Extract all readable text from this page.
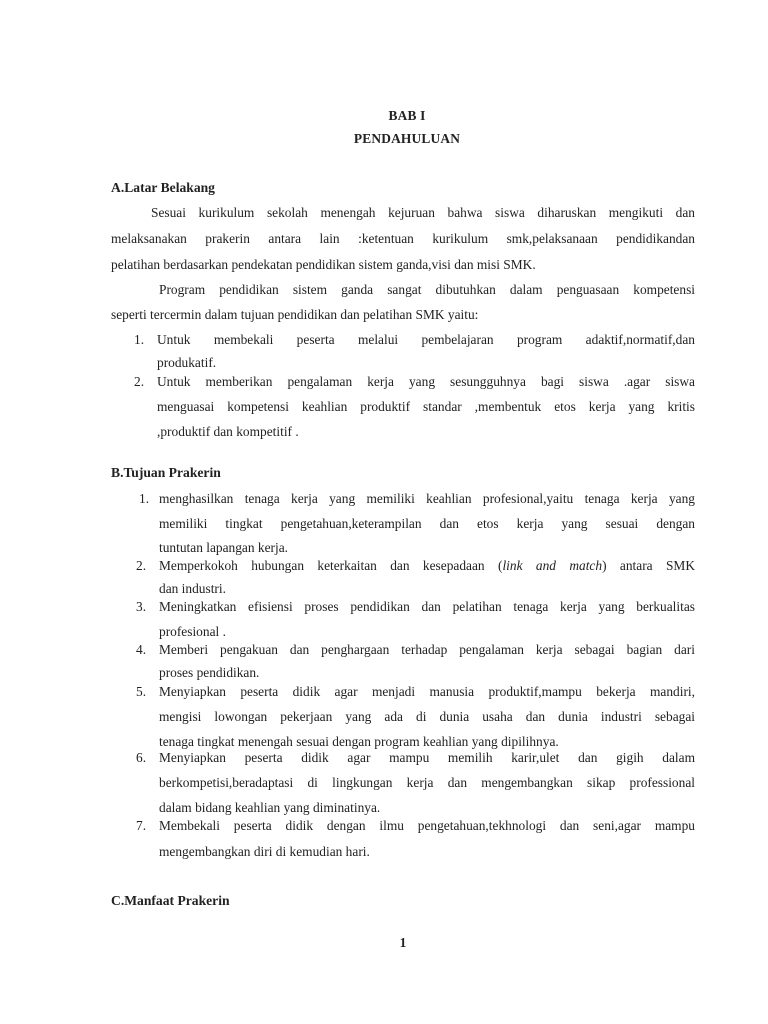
BAB I
PENDAHULUAN
A.Latar Belakang
Sesuai kurikulum sekolah menengah kejuruan bahwa siswa diharuskan mengikuti dan
melaksanakan prakerin antara lain :ketentuan kurikulum smk,pelaksanaan pendidikandan
pelatihan berdasarkan pendekatan pendidikan sistem ganda,visi dan misi SMK.
Program pendidikan sistem ganda sangat dibutuhkan dalam penguasaan kompetensi
seperti tercermin dalam tujuan pendidikan dan pelatihan SMK yaitu:
1. Untuk membekali peserta melalui pembelajaran program adaktif,normatif,dan
produkatif.
2. Untuk memberikan pengalaman kerja yang sesungguhnya bagi siswa .agar siswa
menguasai kompetensi keahlian produktif standar ,membentuk etos kerja yang kritis
,produktif dan kompetitif .
B.Tujuan Prakerin
1. menghasilkan tenaga kerja yang memiliki keahlian profesional,yaitu tenaga kerja yang
memiliki tingkat pengetahuan,keterampilan dan etos kerja yang sesuai dengan
tuntutan lapangan kerja.
2. Memperkokoh hubungan keterkaitan dan kesepadaan (link and match) antara SMK
dan industri.
3. Meningkatkan efisiensi proses pendidikan dan pelatihan tenaga kerja yang berkualitas
profesional .
4. Memberi pengakuan dan penghargaan terhadap pengalaman kerja sebagai bagian dari
proses pendidikan.
5. Menyiapkan peserta didik agar menjadi manusia produktif,mampu bekerja mandiri,
mengisi lowongan pekerjaan yang ada di dunia usaha dan dunia industri sebagai
tenaga tingkat menengah sesuai dengan program keahlian yang dipilihnya.
6. Menyiapkan peserta didik agar mampu memilih karir,ulet dan gigih dalam
berkompetisi,beradaptasi di lingkungan kerja dan mengembangkan sikap professional
dalam bidang keahlian yang diminatinya.
7. Membekali peserta didik dengan ilmu pengetahuan,tekhnologi dan seni,agar mampu
mengembangkan diri di kemudian hari.
C.Manfaat Prakerin
1
